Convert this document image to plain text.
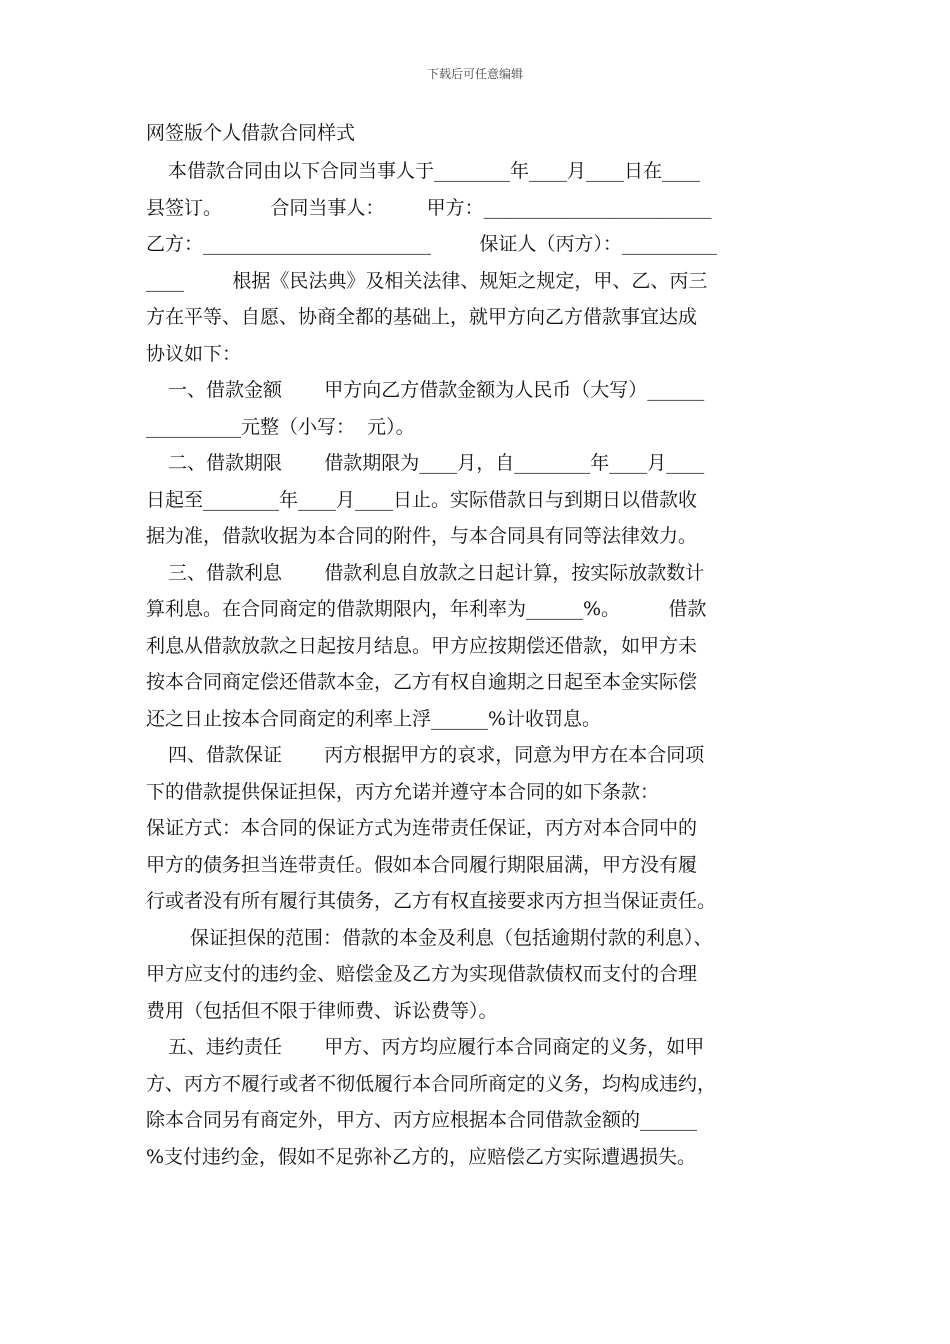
下载后可任意编辑
网签版个人借款合同样式
本借款合同由以下合同当事人于________年____月____日在____
县签订。        合同当事人：       甲方：________________________
乙方：________________________        保证人（丙方）：__________
____        根据《民法典》及相关法律、规矩之规定，甲、乙、丙三
方在平等、自愿、协商全都的基础上，就甲方向乙方借款事宜达成
协议如下：
一、借款金额       甲方向乙方借款金额为人民币（大写）______
__________元整（小写：  元）。
二、借款期限       借款期限为____月，自________年____月____
日起至________年____月____日止。实际借款日与到期日以借款收
据为准，借款收据为本合同的附件，与本合同具有同等法律效力。
三、借款利息       借款利息自放款之日起计算，按实际放款数计
算利息。在合同商定的借款期限内，年利率为______%。        借款
利息从借款放款之日起按月结息。甲方应按期偿还借款，如甲方未
按本合同商定偿还借款本金，乙方有权自逾期之日起至本金实际偿
还之日止按本合同商定的利率上浮______%计收罚息。
四、借款保证       丙方根据甲方的哀求，同意为甲方在本合同项
下的借款提供保证担保，丙方允诺并遵守本合同的如下条款：
保证方式：本合同的保证方式为连带责任保证，丙方对本合同中的
甲方的债务担当连带责任。假如本合同履行期限届满，甲方没有履
行或者没有所有履行其债务，乙方有权直接要求丙方担当保证责任。
保证担保的范围：借款的本金及利息（包括逾期付款的利息）、
甲方应支付的违约金、赔偿金及乙方为实现借款债权而支付的合理
费用（包括但不限于律师费、诉讼费等）。
五、违约责任       甲方、丙方均应履行本合同商定的义务，如甲
方、丙方不履行或者不彻低履行本合同所商定的义务，均构成违约，
除本合同另有商定外，甲方、丙方应根据本合同借款金额的______
%支付违约金，假如不足弥补乙方的，应赔偿乙方实际遭遇损失。
